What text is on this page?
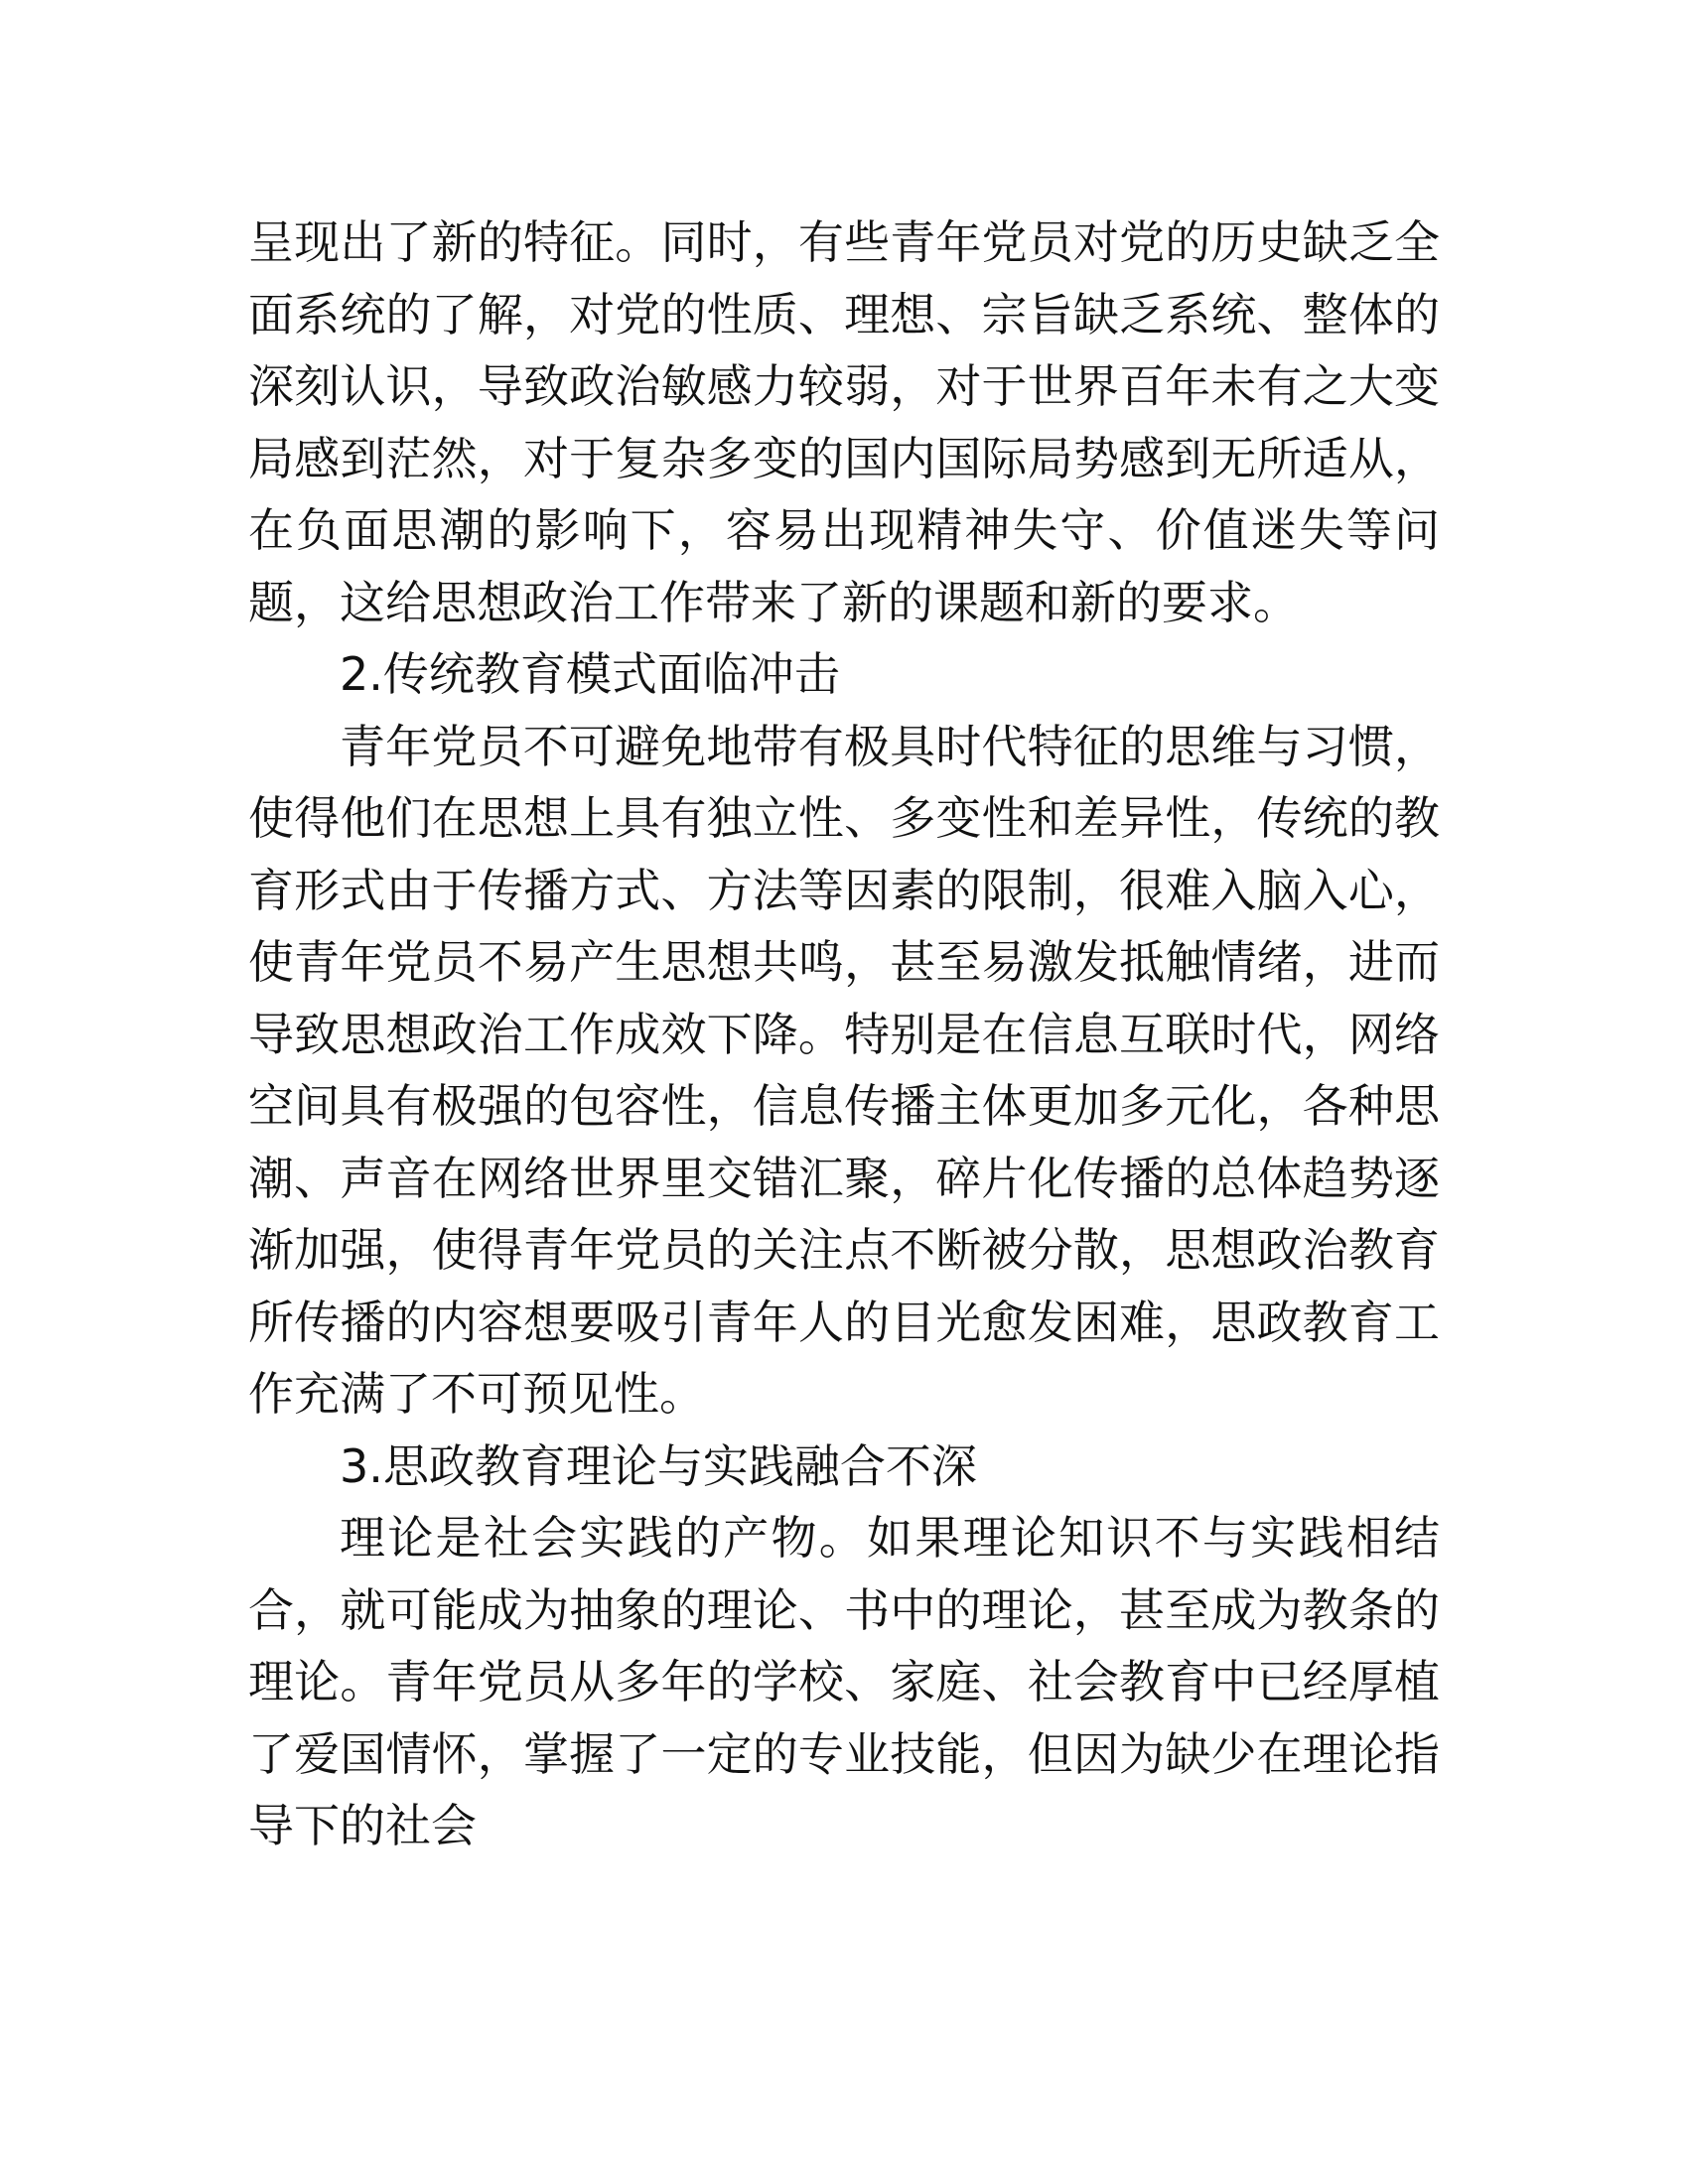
呈现出了新的特征。同时，有些青年党员对党的历史缺乏全面系统的了解，对党的性质、理想、宗旨缺乏系统、整体的深刻认识，导致政治敏感力较弱，对于世界百年未有之大变局感到茫然，对于复杂多变的国内国际局势感到无所适从，在负面思潮的影响下，容易出现精神失守、价值迷失等问题，这给思想政治工作带来了新的课题和新的要求。

2.传统教育模式面临冲击

青年党员不可避免地带有极具时代特征的思维与习惯，使得他们在思想上具有独立性、多变性和差异性，传统的教育形式由于传播方式、方法等因素的限制，很难入脑入心，使青年党员不易产生思想共鸣，甚至易激发抵触情绪，进而导致思想政治工作成效下降。特别是在信息互联时代，网络空间具有极强的包容性，信息传播主体更加多元化，各种思潮、声音在网络世界里交错汇聚，碎片化传播的总体趋势逐渐加强，使得青年党员的关注点不断被分散，思想政治教育所传播的内容想要吸引青年人的目光愈发困难，思政教育工作充满了不可预见性。

3.思政教育理论与实践融合不深

理论是社会实践的产物。如果理论知识不与实践相结合，就可能成为抽象的理论、书中的理论，甚至成为教条的理论。青年党员从多年的学校、家庭、社会教育中已经厚植了爱国情怀，掌握了一定的专业技能，但因为缺少在理论指导下的社会
